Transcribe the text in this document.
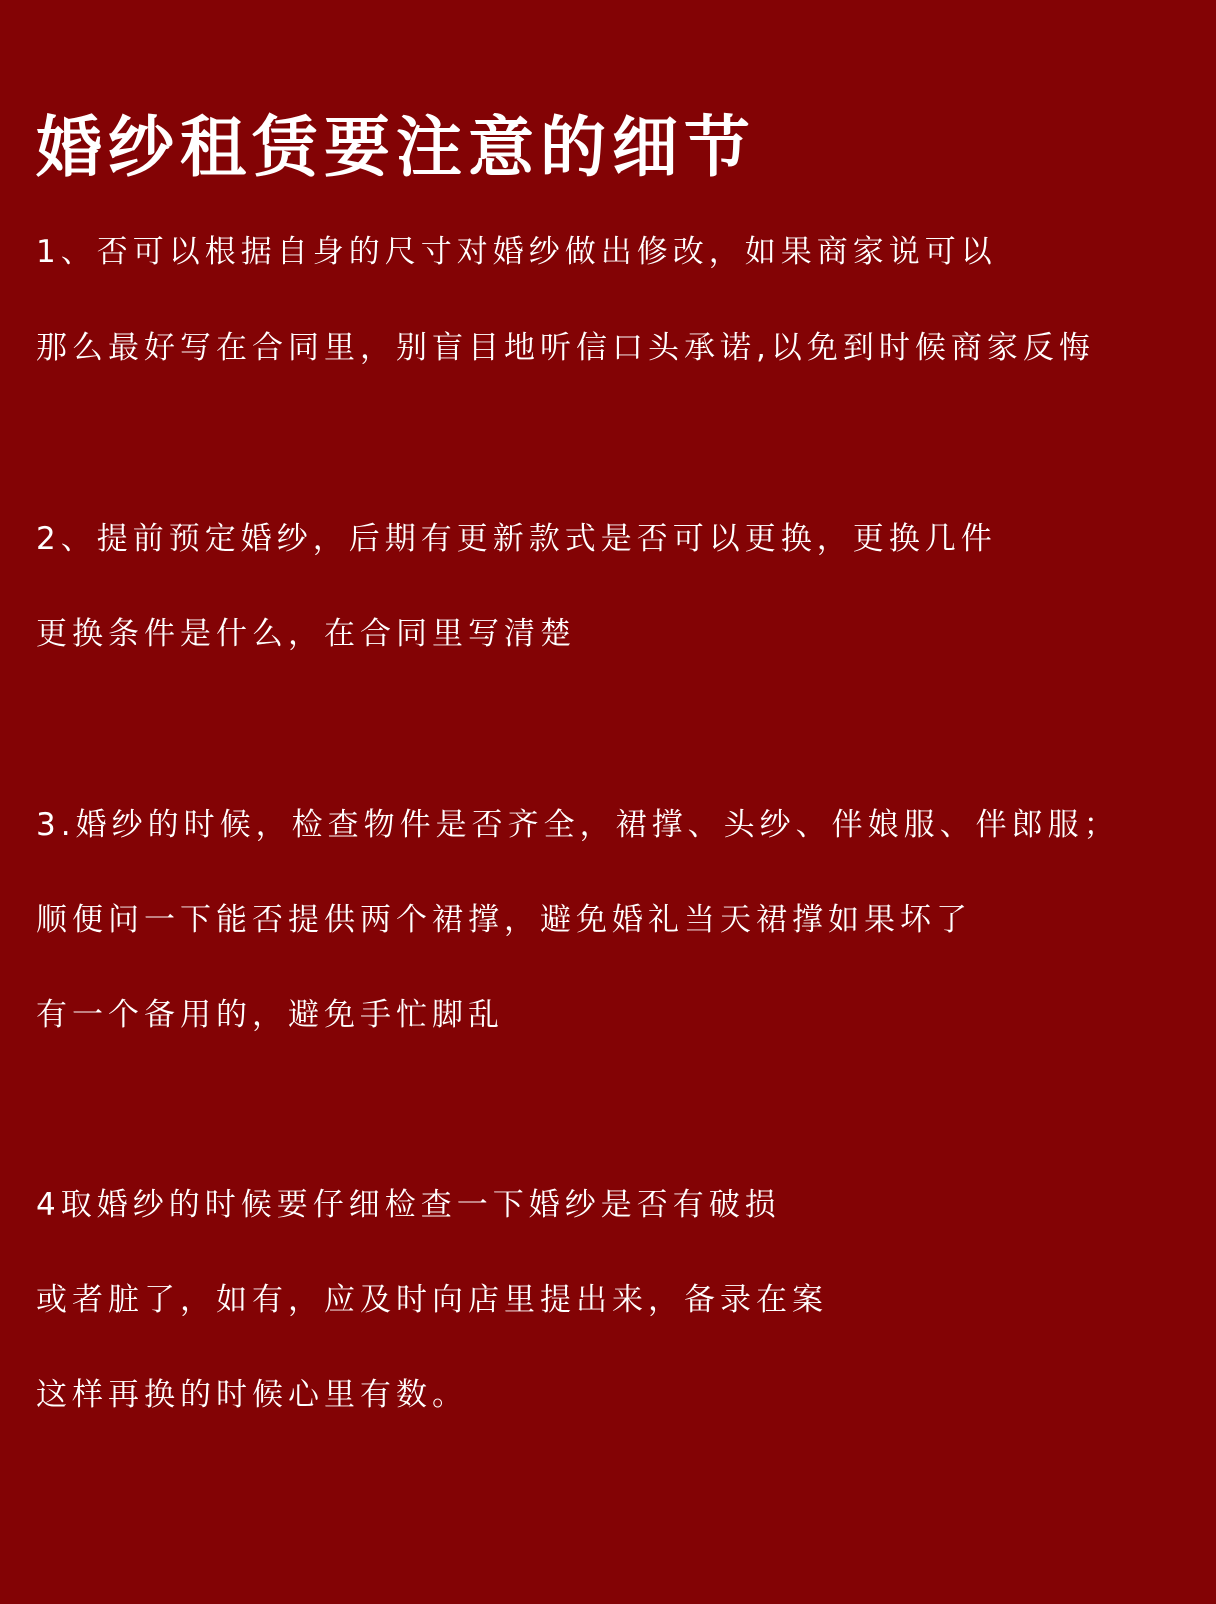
婚纱租赁要注意的细节

1、否可以根据自身的尺寸对婚纱做出修改，如果商家说可以

那么最好写在合同里，别盲目地听信口头承诺,以免到时候商家反悔

2、提前预定婚纱，后期有更新款式是否可以更换，更换几件

更换条件是什么，在合同里写清楚

3.婚纱的时候，检查物件是否齐全，裙撑、头纱、伴娘服、伴郎服；

顺便问一下能否提供两个裙撑，避免婚礼当天裙撑如果坏了

有一个备用的，避免手忙脚乱

4取婚纱的时候要仔细检查一下婚纱是否有破损

或者脏了，如有，应及时向店里提出来，备录在案

这样再换的时候心里有数。
